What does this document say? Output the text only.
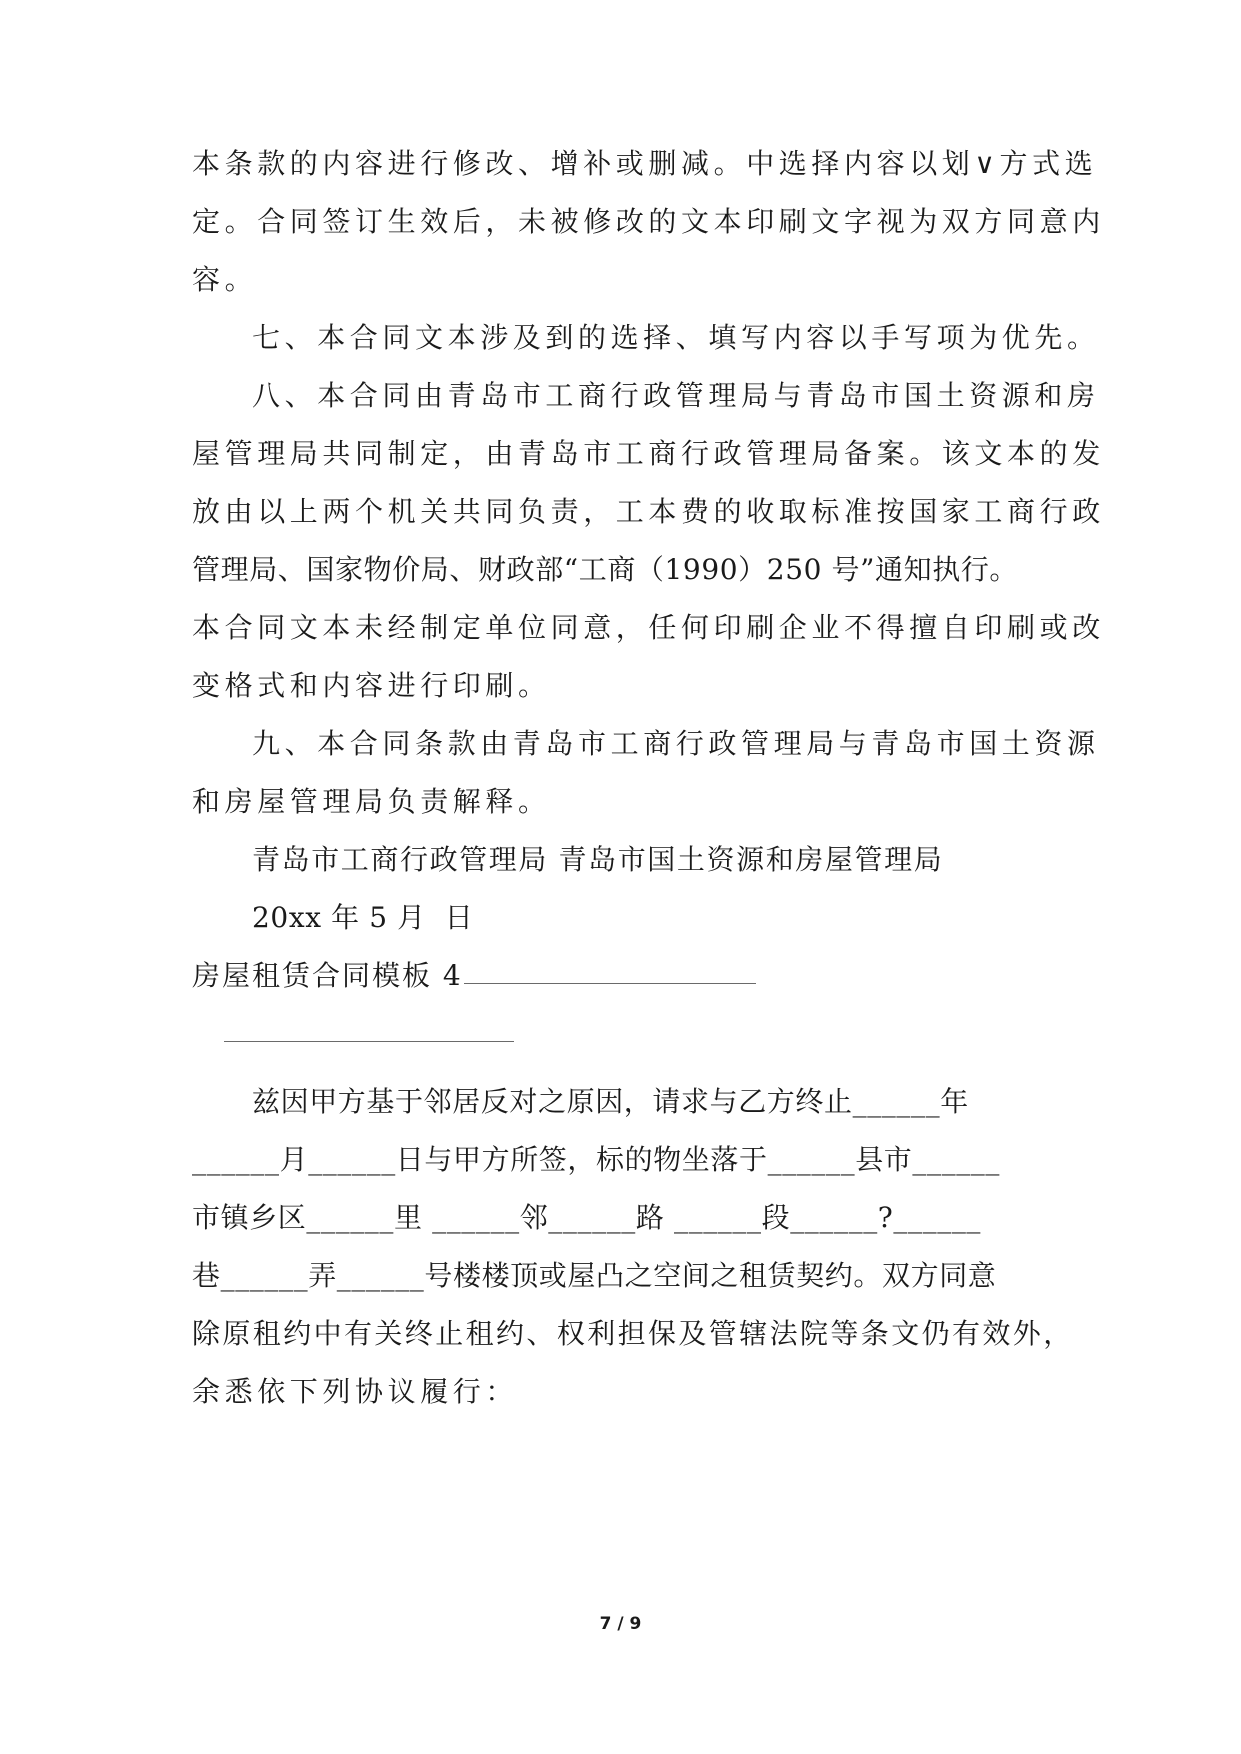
本条款的内容进行修改、增补或删减。中选择内容以划∨方式选
定。合同签订生效后，未被修改的文本印刷文字视为双方同意内
容。
七、本合同文本涉及到的选择、填写内容以手写项为优先。
八、本合同由青岛市工商行政管理局与青岛市国土资源和房
屋管理局共同制定，由青岛市工商行政管理局备案。该文本的发
放由以上两个机关共同负责，工本费的收取标准按国家工商行政
管理局、国家物价局、财政部“工商（1990）250 号”通知执行。
本合同文本未经制定单位同意，任何印刷企业不得擅自印刷或改
变格式和内容进行印刷。
九、本合同条款由青岛市工商行政管理局与青岛市国土资源
和房屋管理局负责解释。
青岛市工商行政管理局 青岛市国土资源和房屋管理局
20xx 年 5 月  日
房屋租赁合同模板 4
兹因甲方基于邻居反对之原因，请求与乙方终止______年
______月______日与甲方所签，标的物坐落于______县市______
市镇乡区______里 ______邻______路 ______段______?______
巷______弄______号楼楼顶或屋凸之空间之租赁契约。双方同意
除原租约中有关终止租约、权利担保及管辖法院等条文仍有效外，
余悉依下列协议履行：
7 / 9
